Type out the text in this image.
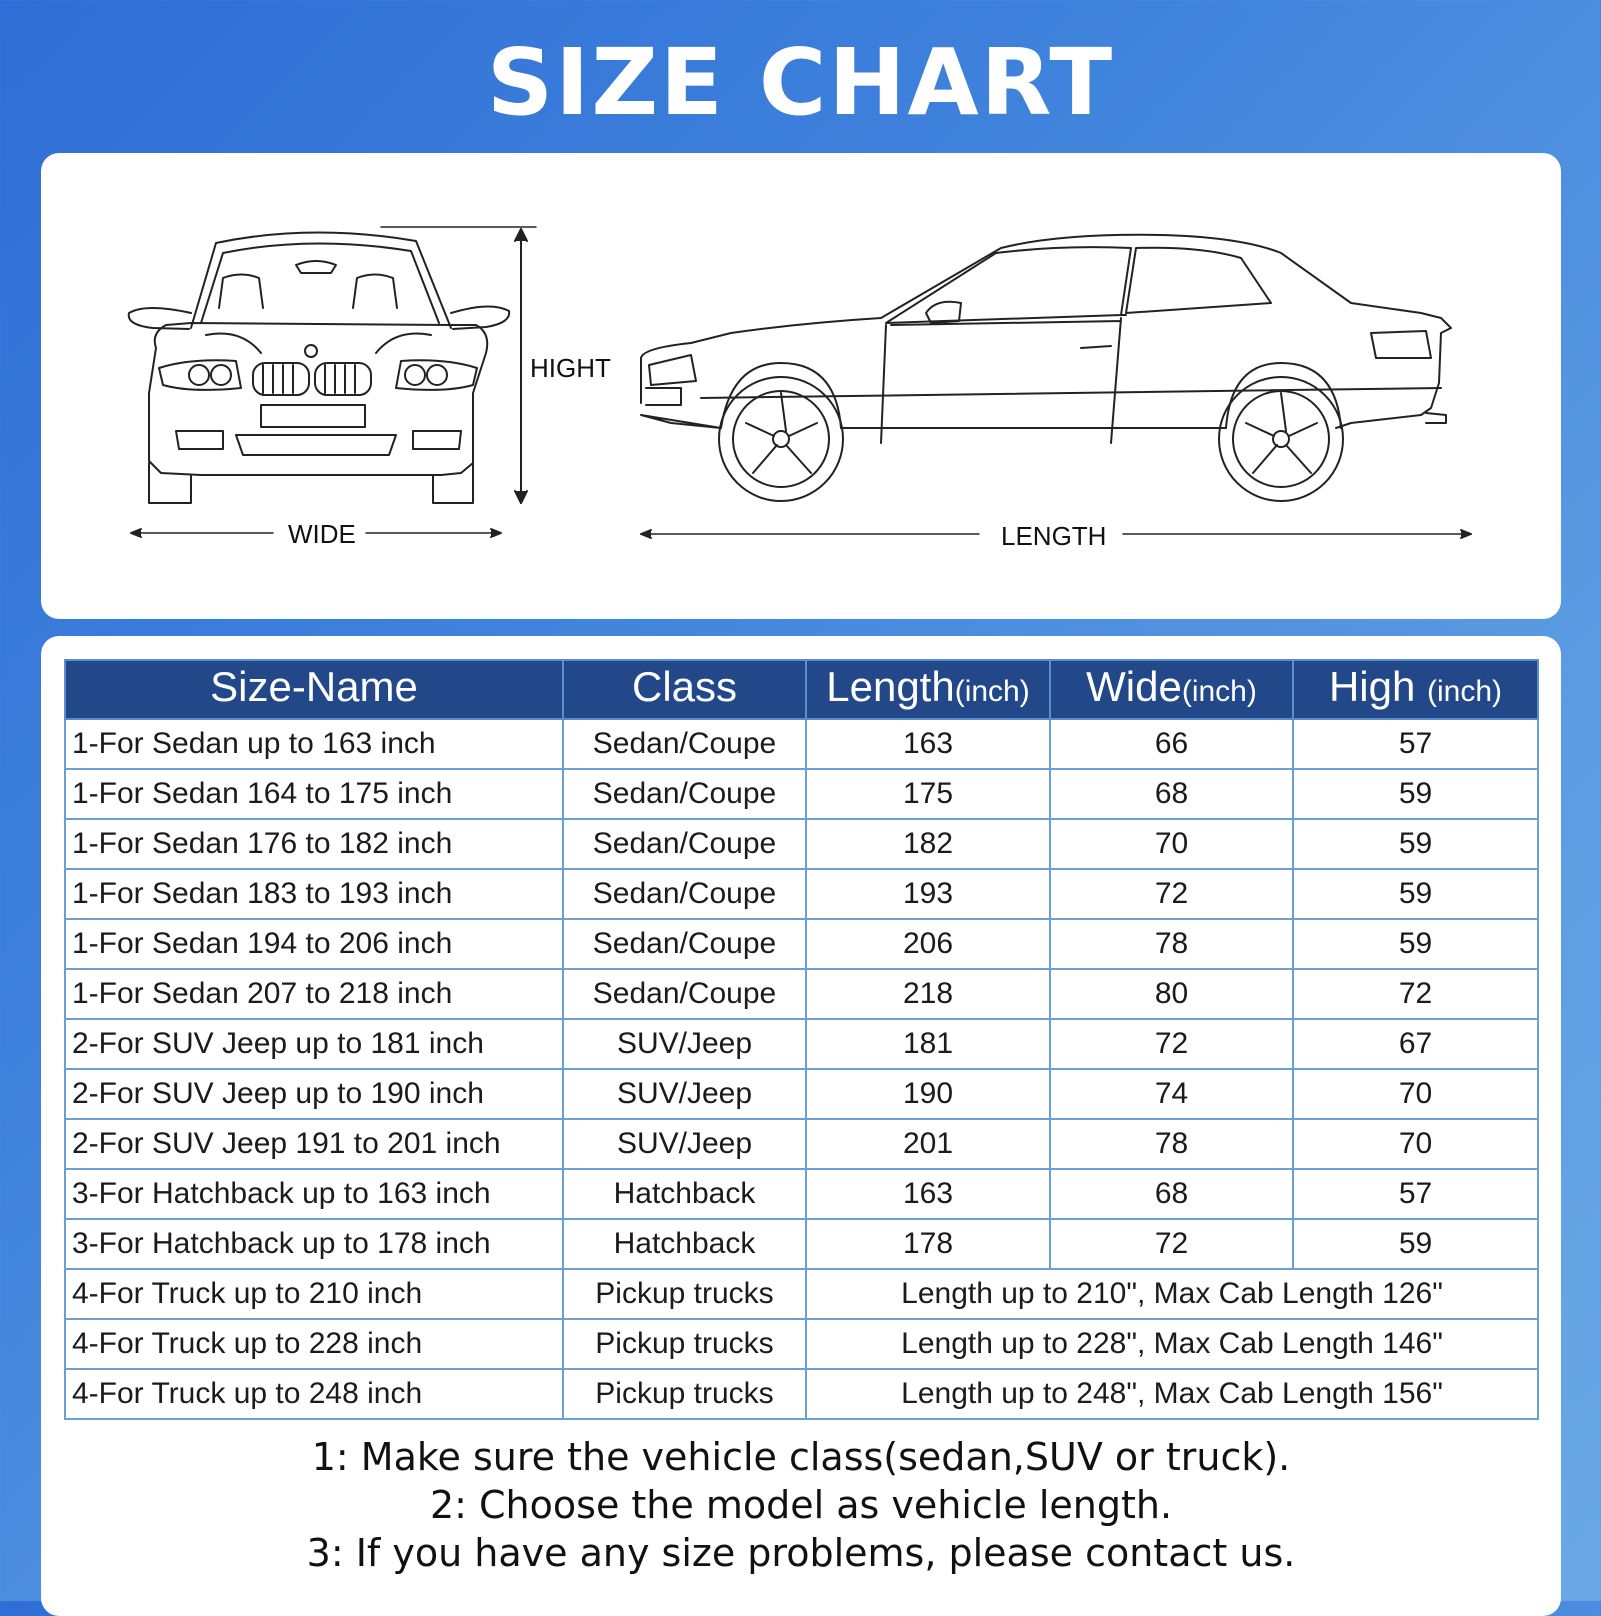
SIZE CHART
HIGHT
WIDE	LENGTH
Size-Name	Class	Length(inch)	Wide(inch)	High (inch)
1-For Sedan up to 163 inch	Sedan/Coupe	163	66	57
1-For Sedan 164 to 175 inch	Sedan/Coupe	175	68	59
1-For Sedan 176 to 182 inch	Sedan/Coupe	182	70	59
1-For Sedan 183 to 193 inch	Sedan/Coupe	193	72	59
1-For Sedan 194 to 206 inch	Sedan/Coupe	206	78	59
1-For Sedan 207 to 218 inch	Sedan/Coupe	218	80	72
2-For SUV Jeep up to 181 inch	SUV/Jeep	181	72	67
2-For SUV Jeep up to 190 inch	SUV/Jeep	190	74	70
2-For SUV Jeep 191 to 201 inch	SUV/Jeep	201	78	70
3-For Hatchback up to 163 inch	Hatchback	163	68	57
3-For Hatchback up to 178 inch	Hatchback	178	72	59
4-For Truck up to 210 inch	Pickup trucks	Length up to 210", Max Cab Length 126"		
4-For Truck up to 228 inch	Pickup trucks	Length up to 228", Max Cab Length 146"		
4-For Truck up to 248 inch	Pickup trucks	Length up to 248", Max Cab Length 156"		
1: Make sure the vehicle class(sedan,SUV or truck).
2: Choose the model as vehicle length.
3: If you have any size problems, please contact us.
